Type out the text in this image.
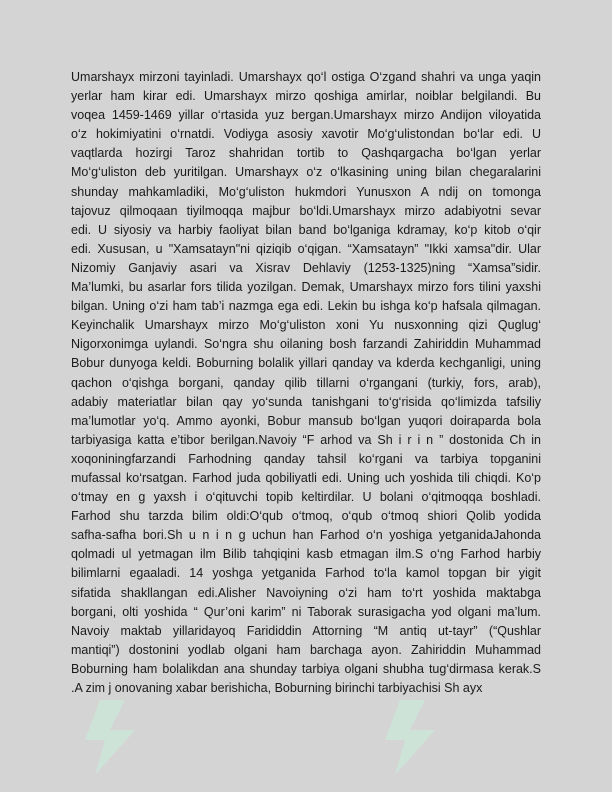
Umarshayx mirzoni tayinladi. Umarshayx qo‘l ostiga O‘zgand shahri va unga yaqin
yerlar ham kirar edi. Umarshayx mirzo qoshiga amirlar, noiblar belgilandi. Bu
voqea 1459-1469 yillar o‘rtasida yuz bergan.Umarshayx mirzo Andijon viloyatida
o‘z hokimiyatini o‘rnatdi. Vodiyga asosiy xavotir Mo‘g‘ulistondan bo‘lar edi. U
vaqtlarda hozirgi Taroz shahridan tortib to Qashqargacha bo‘lgan yerlar
Mo‘g‘uliston deb yuritilgan. Umarshayx o‘z o‘lkasining uning bilan chegaralarini
shunday mahkamladiki, Mo‘g‘uliston hukmdori Yunusxon A ndij on tomonga
tajovuz qilmoqaan tiyilmoqqa majbur bo‘ldi.Umarshayx mirzo adabiyotni sevar
edi. U siyosiy va harbiy faoliyat bilan band bo‘lganiga kdramay, ko‘p kitob o‘qir
edi. Xususan, u "Xamsatayn"ni qiziqib o‘qigan. “Xamsatayn” "Ikki xamsa"dir. Ular
Nizomiy Ganjaviy asari va Xisrav Dehlaviy (1253-1325)ning “Xamsa”sidir.
Ma’lumki, bu asarlar fors tilida yozilgan. Demak, Umarshayx mirzo fors tilini yaxshi
bilgan. Uning o‘zi ham tab’i nazmga ega edi. Lekin bu ishga ko‘p hafsala qilmagan.
Keyinchalik Umarshayx mirzo Mo‘g‘uliston xoni Yu nusxonning qizi Quglug‘
Nigorxonimga uylandi. So‘ngra shu oilaning bosh farzandi Zahiriddin Muhammad
Bobur dunyoga keldi. Boburning bolalik yillari qanday va kderda kechganligi, uning
qachon o‘qishga borgani, qanday qilib tillarni o‘rgangani (turkiy, fors, arab),
adabiy materiatlar bilan qay yo‘sunda tanishgani to‘g‘risida qo‘limizda tafsiliy
ma’lumotlar yo‘q. Ammo ayonki, Bobur mansub bo‘lgan yuqori doiraparda bola
tarbiyasiga katta e’tibor berilgan.Navoiy “F arhod va Sh i r i n ” dostonida Ch in
xoqoniningfarzandi Farhodning qanday tahsil ko‘rgani va tarbiya topganini
mufassal ko‘rsatgan. Farhod juda qobiliyatli edi. Uning uch yoshida tili chiqdi. Ko‘p
o‘tmay en g yaxsh i o‘qituvchi topib keltirdilar. U bolani o‘qitmoqqa boshladi.
Farhod shu tarzda bilim oldi:O‘qub o‘tmoq, o‘qub o‘tmoq shiori Qolib yodida
safha-safha bori.Sh u n i n g uchun han Farhod o‘n yoshiga yetganidaJahonda
qolmadi ul yetmagan ilm Bilib tahqiqini kasb etmagan ilm.S o‘ng Farhod harbiy
bilimlarni egaaladi. 14 yoshga yetganida Farhod to‘la kamol topgan bir yigit
sifatida shakllangan edi.Alisher Navoiyning o‘zi ham to‘rt yoshida maktabga
borgani, olti yoshida “ Qur’oni karim” ni Taborak surasigacha yod olgani ma’lum.
Navoiy maktab yillaridayoq Farididdin Attorning “M antiq ut-tayr” (“Qushlar
mantiqi”) dostonini yodlab olgani ham barchaga ayon. Zahiriddin Muhammad
Boburning ham bolalikdan ana shunday tarbiya olgani shubha tug‘dirmasa kerak.S
.A zim j onovaning xabar berishicha, Boburning birinchi tarbiyachisi Sh ayx
